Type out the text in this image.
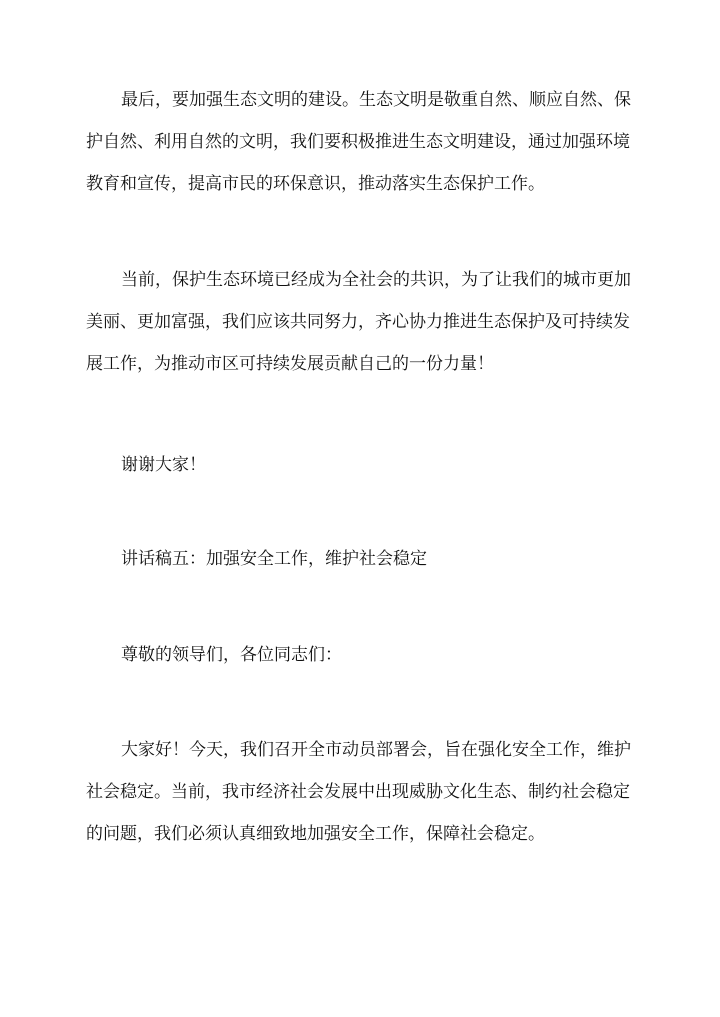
最后，要加强生态文明的建设。生态文明是敬重自然、顺应自然、保
护自然、利用自然的文明，我们要积极推进生态文明建设，通过加强环境
教育和宣传，提高市民的环保意识，推动落实生态保护工作。
当前，保护生态环境已经成为全社会的共识，为了让我们的城市更加
美丽、更加富强，我们应该共同努力，齐心协力推进生态保护及可持续发
展工作，为推动市区可持续发展贡献自己的一份力量！
谢谢大家！
讲话稿五：加强安全工作，维护社会稳定
尊敬的领导们，各位同志们：
大家好！今天，我们召开全市动员部署会，旨在强化安全工作，维护
社会稳定。当前，我市经济社会发展中出现威胁文化生态、制约社会稳定
的问题，我们必须认真细致地加强安全工作，保障社会稳定。
